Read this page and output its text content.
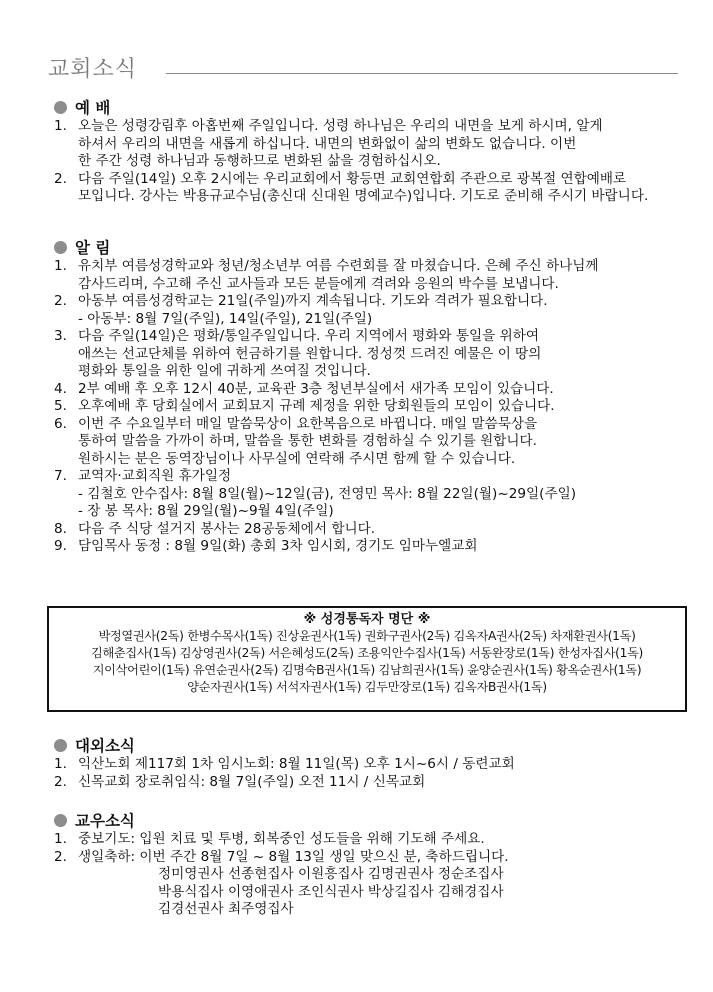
교회소식
예 배
1. 오늘은 성령강림후 아홉번째 주일입니다. 성령 하나님은 우리의 내면을 보게 하시며, 알게
하셔서 우리의 내면을 새롭게 하십니다. 내면의 변화없이 삶의 변화도 없습니다. 이번
한 주간 성령 하나님과 동행하므로 변화된 삶을 경험하십시오.
2. 다음 주일(14일) 오후 2시에는 우리교회에서 황등면 교회연합회 주관으로 광복절 연합예배로
모입니다. 강사는 박용규교수님(총신대 신대원 명예교수)입니다. 기도로 준비해 주시기 바랍니다.
알 림
1. 유치부 여름성경학교와 청년/청소년부 여름 수련회를 잘 마쳤습니다. 은혜 주신 하나님께
감사드리며, 수고해 주신 교사들과 모든 분들에게 격려와 응원의 박수를 보냅니다.
2. 아동부 여름성경학교는 21일(주일)까지 계속됩니다. 기도와 격려가 필요합니다.
- 아동부: 8월 7일(주일), 14일(주일), 21일(주일)
3. 다음 주일(14일)은 평화/통일주일입니다. 우리 지역에서 평화와 통일을 위하여
애쓰는 선교단체를 위하여 헌금하기를 원합니다. 정성껏 드려진 예물은 이 땅의
평화와 통일을 위한 일에 귀하게 쓰여질 것입니다.
4. 2부 예배 후 오후 12시 40분, 교육관 3층 청년부실에서 새가족 모임이 있습니다.
5. 오후예배 후 당회실에서 교회묘지 규례 제정을 위한 당회원들의 모임이 있습니다.
6. 이번 주 수요일부터 매일 말씀묵상이 요한복음으로 바뀝니다. 매일 말씀묵상을
통하여 말씀을 가까이 하며, 말씀을 통한 변화를 경험하실 수 있기를 원합니다.
원하시는 분은 동역장님이나 사무실에 연락해 주시면 함께 할 수 있습니다.
7. 교역자·교회직원 휴가일정
- 김철호 안수집사: 8월 8일(월)~12일(금), 전영민 목사: 8월 22일(월)~29일(주일)
- 장 봉 목사: 8월 29일(월)~9월 4일(주일)
8. 다음 주 식당 설거지 봉사는 28공동체에서 합니다.
9. 담임목사 동정 : 8월 9일(화) 총회 3차 임시회, 경기도 임마누엘교회
※ 성경통독자 명단 ※
박정열권사(2독) 한병수목사(1독) 진상윤권사(1독) 권화구권사(2독) 김옥자A권사(2독) 차재환권사(1독)
김해춘집사(1독) 김상영권사(2독) 서은혜성도(2독) 조용익안수집사(1독) 서동완장로(1독) 한성자집사(1독)
지이삭어린이(1독) 유연순권사(2독) 김명숙B권사(1독) 김남희권사(1독) 윤양순권사(1독) 황옥순권사(1독)
양순자권사(1독) 서석자권사(1독) 김두만장로(1독) 김옥자B권사(1독)
대외소식
1. 익산노회 제117회 1차 임시노회: 8월 11일(목) 오후 1시~6시 / 동련교회
2. 신목교회 장로취임식: 8월 7일(주일) 오전 11시 / 신목교회
교우소식
1. 중보기도: 입원 치료 및 투병, 회복중인 성도들을 위해 기도해 주세요.
2. 생일축하: 이번 주간 8월 7일 ~ 8월 13일 생일 맞으신 분, 축하드립니다.
정미영권사 선종현집사 이원흥집사 김명권권사 정순조집사
박용식집사 이영애권사 조인식권사 박상길집사 김해경집사
김경선권사 최주영집사
